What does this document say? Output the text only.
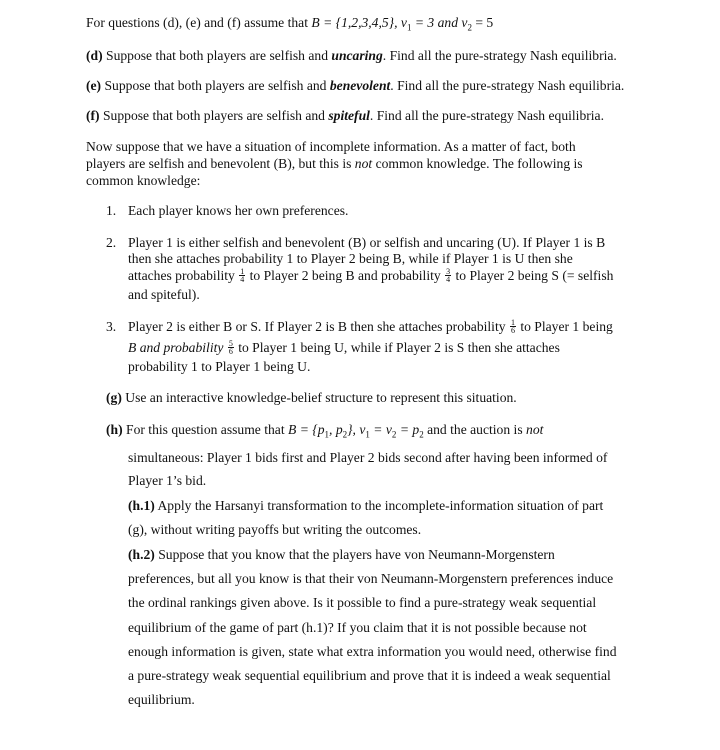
For questions (d), (e) and (f) assume that B = {1,2,3,4,5}, $v_1 = 3$ and $v_2 = 5$
(d) Suppose that both players are selfish and uncaring. Find all the pure-strategy Nash equilibria.
(e) Suppose that both players are selfish and benevolent. Find all the pure-strategy Nash equilibria.
(f) Suppose that both players are selfish and spiteful. Find all the pure-strategy Nash equilibria.
Now suppose that we have a situation of incomplete information. As a matter of fact, both
players are selfish and benevolent (B), but this is not common knowledge. The following is
common knowledge:
1. Each player knows her own preferences.
2. Player 1 is either selfish and benevolent (B) or selfish and uncaring (U). If Player 1 is B
then she attaches probability 1 to Player 2 being B, while if Player 1 is U then she
attaches probability $\frac{1}{4}$ to Player 2 being B and probability $\frac{3}{4}$ to Player 2 being S (= selfish
and spiteful).
3. Player 2 is either B or S. If Player 2 is B then she attaches probability $\frac{1}{6}$ to Player 1 being
B and probability $\frac{5}{6}$ to Player 1 being U, while if Player 2 is S then she attaches
probability 1 to Player 1 being U.
(g) Use an interactive knowledge-belief structure to represent this situation.
(h) For this question assume that $B = \{p_1$, $p_2$}, $v_1 = v_2 = p_2$ and the auction is not
simultaneous: Player 1 bids first and Player 2 bids second after having been informed of
Player 1’s bid.
(h.1) Apply the Harsanyi transformation to the incomplete-information situation of part
(g), without writing payoffs but writing the outcomes.
(h.2) Suppose that you know that the players have von Neumann-Morgenstern
preferences, but all you know is that their von Neumann-Morgenstern preferences induce
the ordinal rankings given above. Is it possible to find a pure-strategy weak sequential
equilibrium of the game of part (h.1)? If you claim that it is not possible because not
enough information is given, state what extra information you would need, otherwise find
a pure-strategy weak sequential equilibrium and prove that it is indeed a weak sequential
equilibrium.
